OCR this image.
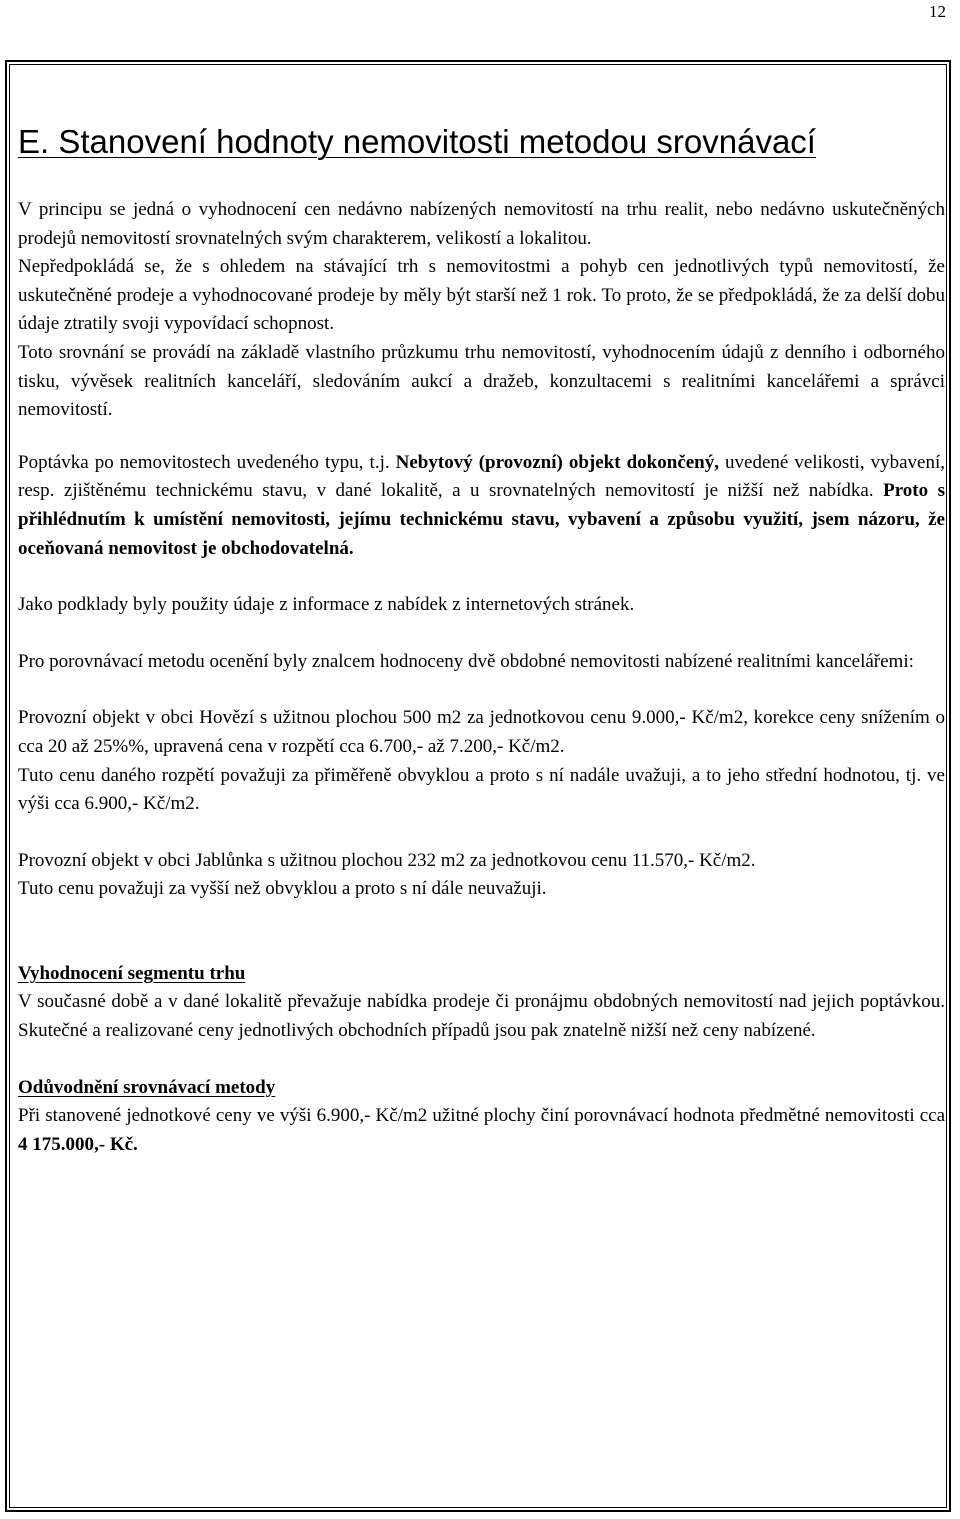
12
E. Stanovení hodnoty nemovitosti metodou srovnávací

V principu se jedná o vyhodnocení cen nedávno nabízených nemovitostí na trhu realit, nebo nedávno uskutečněných prodejů nemovitostí srovnatelných svým charakterem, velikostí a lokalitou.

Nepředpokládá se, že s ohledem na stávající trh s nemovitostmi a pohyb cen jednotlivých typů nemovitostí, že uskutečněné prodeje a vyhodnocované prodeje by měly být starší než 1 rok. To proto, že se předpokládá, že za delší dobu údaje ztratily svoji vypovídací schopnost.

Toto srovnání se provádí na základě vlastního průzkumu trhu nemovitostí, vyhodnocením údajů z denního i odborného tisku, vývěsek realitních kanceláří, sledováním aukcí a dražeb, konzultacemi s realitními kancelářemi a správci nemovitostí.

Poptávka po nemovitostech uvedeného typu, t.j. Nebytový (provozní) objekt dokončený, uvedené velikosti, vybavení, resp. zjištěnému technickému stavu, v dané lokalitě, a u srovnatelných nemovitostí je nižší než nabídka. Proto s přihlédnutím k umístění nemovitosti, jejímu technickému stavu, vybavení a způsobu využití, jsem názoru, že oceňovaná nemovitost je obchodovatelná.

Jako podklady byly použity údaje z informace z nabídek z internetových stránek.

Pro porovnávací metodu ocenění byly znalcem hodnoceny dvě obdobné nemovitosti nabízené realitními kancelářemi:

Provozní objekt v obci Hovězí s užitnou plochou 500 m2 za jednotkovou cenu 9.000,- Kč/m2, korekce ceny snížením o cca 20 až 25%%, upravená cena v rozpětí cca 6.700,- až 7.200,- Kč/m2.

Tuto cenu daného rozpětí považuji za přiměřeně obvyklou a proto s ní nadále uvažuji, a to jeho střední hodnotou, tj. ve výši cca 6.900,- Kč/m2.

Provozní objekt v obci Jablůnka s užitnou plochou 232 m2 za jednotkovou cenu 11.570,- Kč/m2.

Tuto cenu považuji za vyšší než obvyklou a proto s ní dále neuvažuji.

Vyhodnocení segmentu trhu

V současné době a v dané lokalitě převažuje nabídka prodeje či pronájmu obdobných nemovitostí nad jejich poptávkou. Skutečné a realizované ceny jednotlivých obchodních případů jsou pak znatelně nižší než ceny nabízené.

Odůvodnění srovnávací metody

Při stanovené jednotkové ceny ve výši 6.900,- Kč/m2 užitné plochy činí porovnávací hodnota předmětné nemovitosti cca  4 175.000,- Kč.
